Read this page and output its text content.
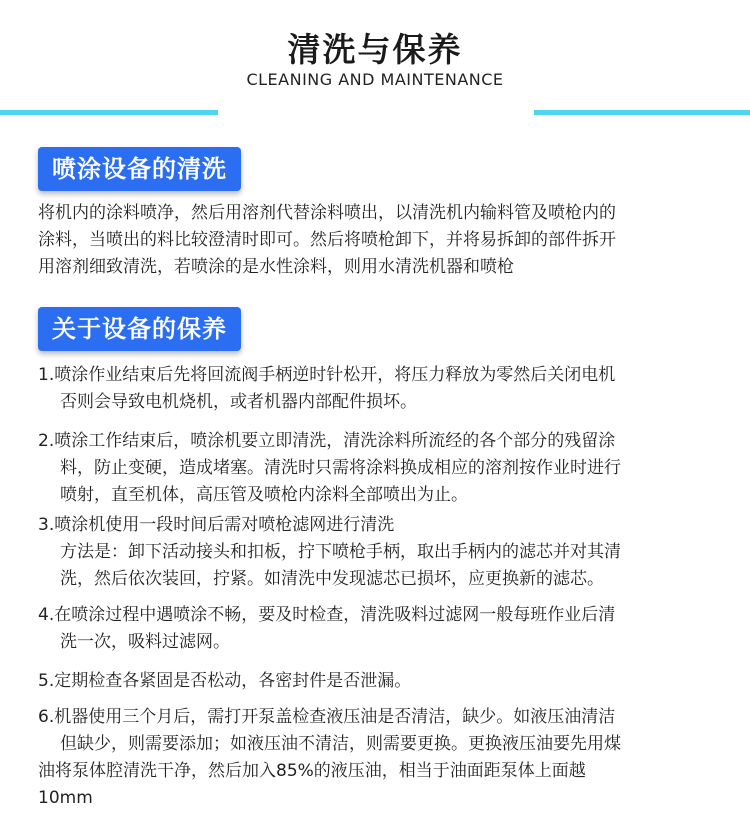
清洗与保养
CLEANING AND MAINTENANCE
喷涂设备的清洗
将机内的涂料喷净，然后用溶剂代替涂料喷出，以清洗机内输料管及喷枪内的
涂料，当喷出的料比较澄清时即可。然后将喷枪卸下，并将易拆卸的部件拆开
用溶剂细致清洗，若喷涂的是水性涂料，则用水清洗机器和喷枪
关于设备的保养
1.喷涂作业结束后先将回流阀手柄逆时针松开，将压力释放为零然后关闭电机
否则会导致电机烧机，或者机器内部配件损坏。
2.喷涂工作结束后，喷涂机要立即清洗，清洗涂料所流经的各个部分的残留涂
料，防止变硬，造成堵塞。清洗时只需将涂料换成相应的溶剂按作业时进行
喷射，直至机体，高压管及喷枪内涂料全部喷出为止。
3.喷涂机使用一段时间后需对喷枪滤网进行清洗
方法是：卸下活动接头和扣板，拧下喷枪手柄，取出手柄内的滤芯并对其清
洗，然后依次装回，拧紧。如清洗中发现滤芯已损坏，应更换新的滤芯。
4.在喷涂过程中遇喷涂不畅，要及时检查，清洗吸料过滤网一般每班作业后清
洗一次，吸料过滤网。
5.定期检查各紧固是否松动，各密封件是否泄漏。
6.机器使用三个月后，需打开泵盖检查液压油是否清洁，缺少。如液压油清洁
但缺少，则需要添加；如液压油不清洁，则需要更换。更换液压油要先用煤
油将泵体腔清洗干净，然后加入85%的液压油，相当于油面距泵体上面越
10mm
